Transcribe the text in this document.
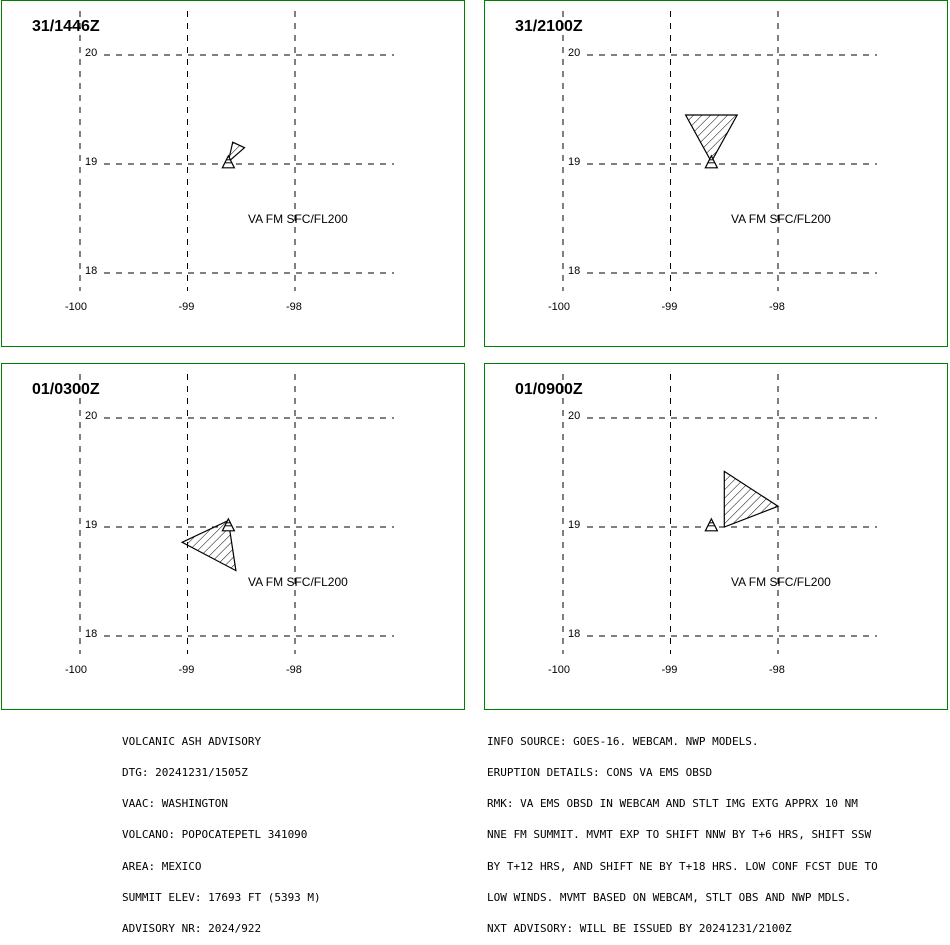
31/1446Z
VA FM SFC/FL200
20
19
18
-100	-99	-98
31/2100Z
VA FM SFC/FL200
20
19
18
-100	-99	-98
01/0300Z
VA FM SFC/FL200
20
19
18
-100	-99	-98
01/0900Z
VA FM SFC/FL200
20
19
18
-100	-99	-98

VOLCANIC ASH ADVISORY

DTG: 20241231/1505Z

VAAC: WASHINGTON

VOLCANO: POPOCATEPETL 341090

AREA: MEXICO

SUMMIT ELEV: 17693 FT (5393 M)

ADVISORY NR: 2024/922

INFO SOURCE: GOES-16. WEBCAM. NWP MODELS.

ERUPTION DETAILS: CONS VA EMS OBSD

RMK: VA EMS OBSD IN WEBCAM AND STLT IMG EXTG APPRX 10 NM

NNE FM SUMMIT. MVMT EXP TO SHIFT NNW BY T+6 HRS, SHIFT SSW

BY T+12 HRS, AND SHIFT NE BY T+18 HRS. LOW CONF FCST DUE TO

LOW WINDS. MVMT BASED ON WEBCAM, STLT OBS AND NWP MDLS.

NXT ADVISORY: WILL BE ISSUED BY 20241231/2100Z
